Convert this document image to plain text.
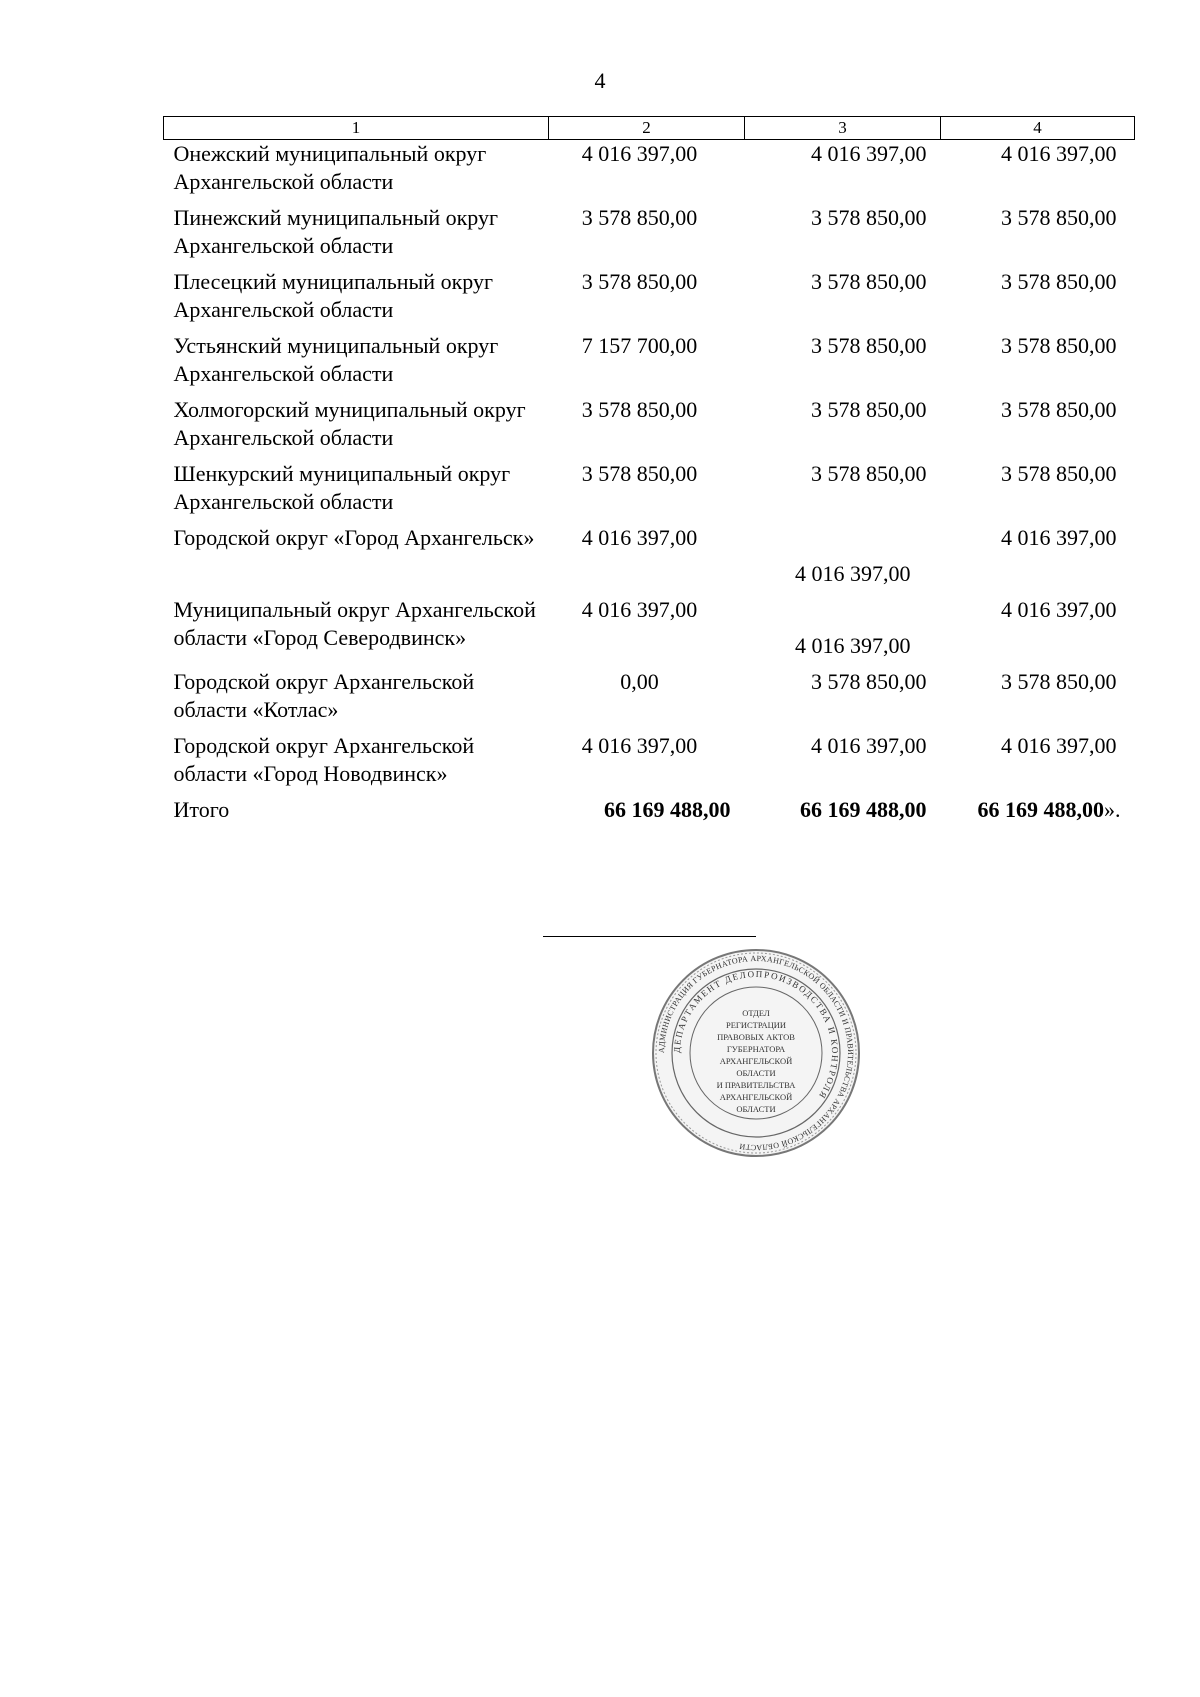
4
1	2	3	4
Онежский муниципальный округ Архангельской области	4 016 397,00	4 016 397,00	4 016 397,00
Пинежский муниципальный округ Архангельской области	3 578 850,00	3 578 850,00	3 578 850,00
Плесецкий муниципальный округ Архангельской области	3 578 850,00	3 578 850,00	3 578 850,00
Устьянский муниципальный округ Архангельской области	7 157 700,00	3 578 850,00	3 578 850,00
Холмогорский муниципальный округ Архангельской области	3 578 850,00	3 578 850,00	3 578 850,00
Шенкурский муниципальный округ Архангельской области	3 578 850,00	3 578 850,00	3 578 850,00
Городской округ «Город Архангельск»	4 016 397,00	4 016 397,00	4 016 397,00
Муниципальный округ Архангельской области «Город Северодвинск»	4 016 397,00	4 016 397,00	4 016 397,00
Городской округ Архангельской области «Котлас»	0,00	3 578 850,00	3 578 850,00
Городской округ Архангельской области «Город Новодвинск»	4 016 397,00	4 016 397,00	4 016 397,00
Итого	66 169 488,00	66 169 488,00	66 169 488,00».
АДМИНИСТРАЦИЯ ГУБЕРНАТОРА АРХАНГЕЛЬСКОЙ ОБЛАСТИ И ПРАВИТЕЛЬСТВА АРХАНГЕЛЬСКОЙ ОБЛАСТИ
ДЕПАРТАМЕНТ ДЕЛОПРОИЗВОДСТВА И КОНТРОЛЯ
ОТДЕЛ
РЕГИСТРАЦИИ
ПРАВОВЫХ АКТОВ
ГУБЕРНАТОРА
АРХАНГЕЛЬСКОЙ
ОБЛАСТИ
И ПРАВИТЕЛЬСТВА
АРХАНГЕЛЬСКОЙ
ОБЛАСТИ
